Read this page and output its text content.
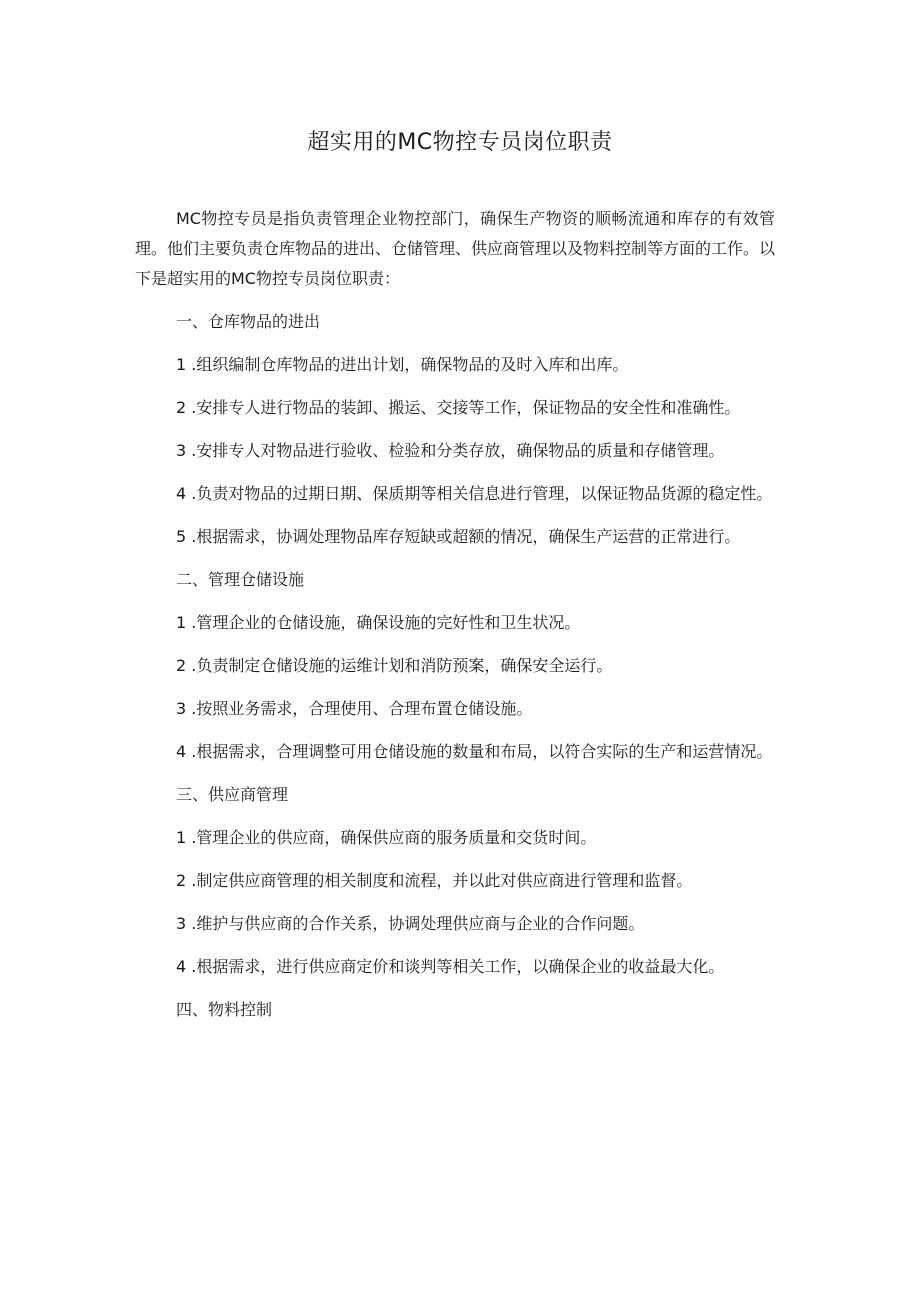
超实用的MC物控专员岗位职责

MC物控专员是指负责管理企业物控部门，确保生产物资的顺畅流通和库存的有效管理。他们主要负责仓库物品的进出、仓储管理、供应商管理以及物料控制等方面的工作。以下是超实用的MC物控专员岗位职责：

一、仓库物品的进出

1 .组织编制仓库物品的进出计划，确保物品的及时入库和出库。

2 .安排专人进行物品的装卸、搬运、交接等工作，保证物品的安全性和准确性。

3 .安排专人对物品进行验收、检验和分类存放，确保物品的质量和存储管理。

4 .负责对物品的过期日期、保质期等相关信息进行管理，以保证物品货源的稳定性。

5 .根据需求，协调处理物品库存短缺或超额的情况，确保生产运营的正常进行。

二、管理仓储设施

1 .管理企业的仓储设施，确保设施的完好性和卫生状况。

2 .负责制定仓储设施的运维计划和消防预案，确保安全运行。

3 .按照业务需求，合理使用、合理布置仓储设施。

4 .根据需求，合理调整可用仓储设施的数量和布局，以符合实际的生产和运营情况。

三、供应商管理

1 .管理企业的供应商，确保供应商的服务质量和交货时间。

2 .制定供应商管理的相关制度和流程，并以此对供应商进行管理和监督。

3 .维护与供应商的合作关系，协调处理供应商与企业的合作问题。

4 .根据需求，进行供应商定价和谈判等相关工作，以确保企业的收益最大化。

四、物料控制
